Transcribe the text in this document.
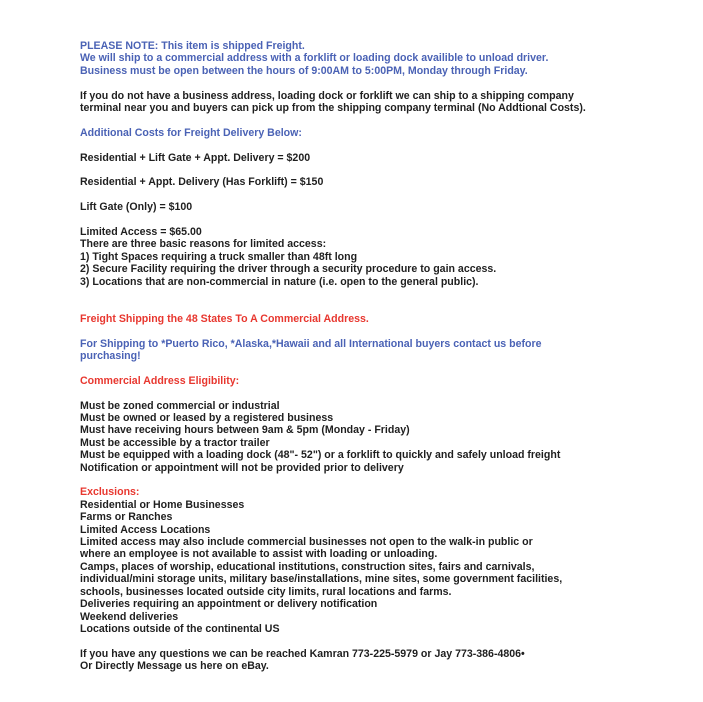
PLEASE NOTE: This item is shipped Freight.
We will ship to a commercial address with a forklift or loading dock availible to unload driver.
Business must be open between the hours of 9:00AM to 5:00PM, Monday through Friday.
If you do not have a business address, loading dock or forklift we can ship to a shipping company
terminal near you and buyers can pick up from the shipping company terminal (No Addtional Costs).
Additional Costs for Freight Delivery Below:
Residential + Lift Gate + Appt. Delivery = $200
Residential + Appt. Delivery (Has Forklift) = $150
Lift Gate (Only) = $100
Limited Access = $65.00
There are three basic reasons for limited access:
1) Tight Spaces requiring a truck smaller than 48ft long
2) Secure Facility requiring the driver through a security procedure to gain access.
3) Locations that are non-commercial in nature (i.e. open to the general public).
Freight Shipping the 48 States To A Commercial Address.
For Shipping to *Puerto Rico, *Alaska,*Hawaii and all International buyers contact us before
purchasing!
Commercial Address Eligibility:
Must be zoned commercial or industrial
Must be owned or leased by a registered business
Must have receiving hours between 9am & 5pm (Monday - Friday)
Must be accessible by a tractor trailer
Must be equipped with a loading dock (48"- 52") or a forklift to quickly and safely unload freight
Notification or appointment will not be provided prior to delivery
Exclusions:
Residential or Home Businesses
Farms or Ranches
Limited Access Locations
Limited access may also include commercial businesses not open to the walk-in public or
where an employee is not available to assist with loading or unloading.
Camps, places of worship, educational institutions, construction sites, fairs and carnivals,
individual/mini storage units, military base/installations, mine sites, some government facilities,
schools, businesses located outside city limits, rural locations and farms.
Deliveries requiring an appointment or delivery notification
Weekend deliveries
Locations outside of the continental US
If you have any questions we can be reached Kamran 773-225-5979 or Jay 773-386-4806•
Or Directly Message us here on eBay.
